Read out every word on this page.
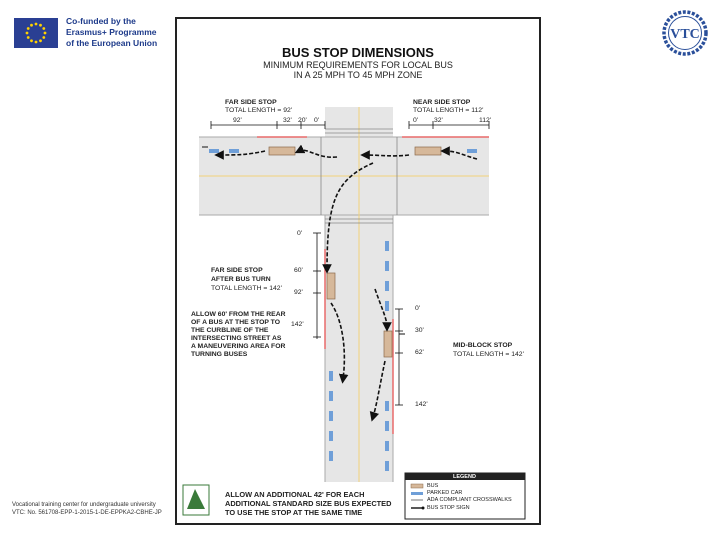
Co-funded by the
Erasmus+ Programme
of the European Union
VTC
BUS STOP DIMENSIONS
MINIMUM REQUIREMENTS FOR LOCAL BUS
IN A 25 MPH TO 45 MPH ZONE
FAR SIDE STOP
TOTAL LENGTH = 92'
92'	32' 20' 0'
NEAR SIDE STOP
TOTAL LENGTH = 112'
0' 32'	112'
0'
FAR SIDE STOP
AFTER BUS TURN
TOTAL LENGTH = 142'
60'
92'
142'
ALLOW 60' FROM THE REAR
OF A BUS AT THE STOP TO
THE CURBLINE OF THE
INTERSECTING STREET AS
A MANEUVERING AREA FOR
TURNING BUSES
0'
30'
62'
142'
MID-BLOCK STOP
TOTAL LENGTH = 142'
ALLOW AN ADDITIONAL 42' FOR EACH
ADDITIONAL STANDARD SIZE BUS EXPECTED
TO USE THE STOP AT THE SAME TIME
LEGEND
BUS
PARKED CAR
ADA COMPLIANT CROSSWALKS
BUS STOP SIGN
Vocational training center for undergraduate university
VTC: No. 561708-EPP-1-2015-1-DE-EPPKA2-CBHE-JP
